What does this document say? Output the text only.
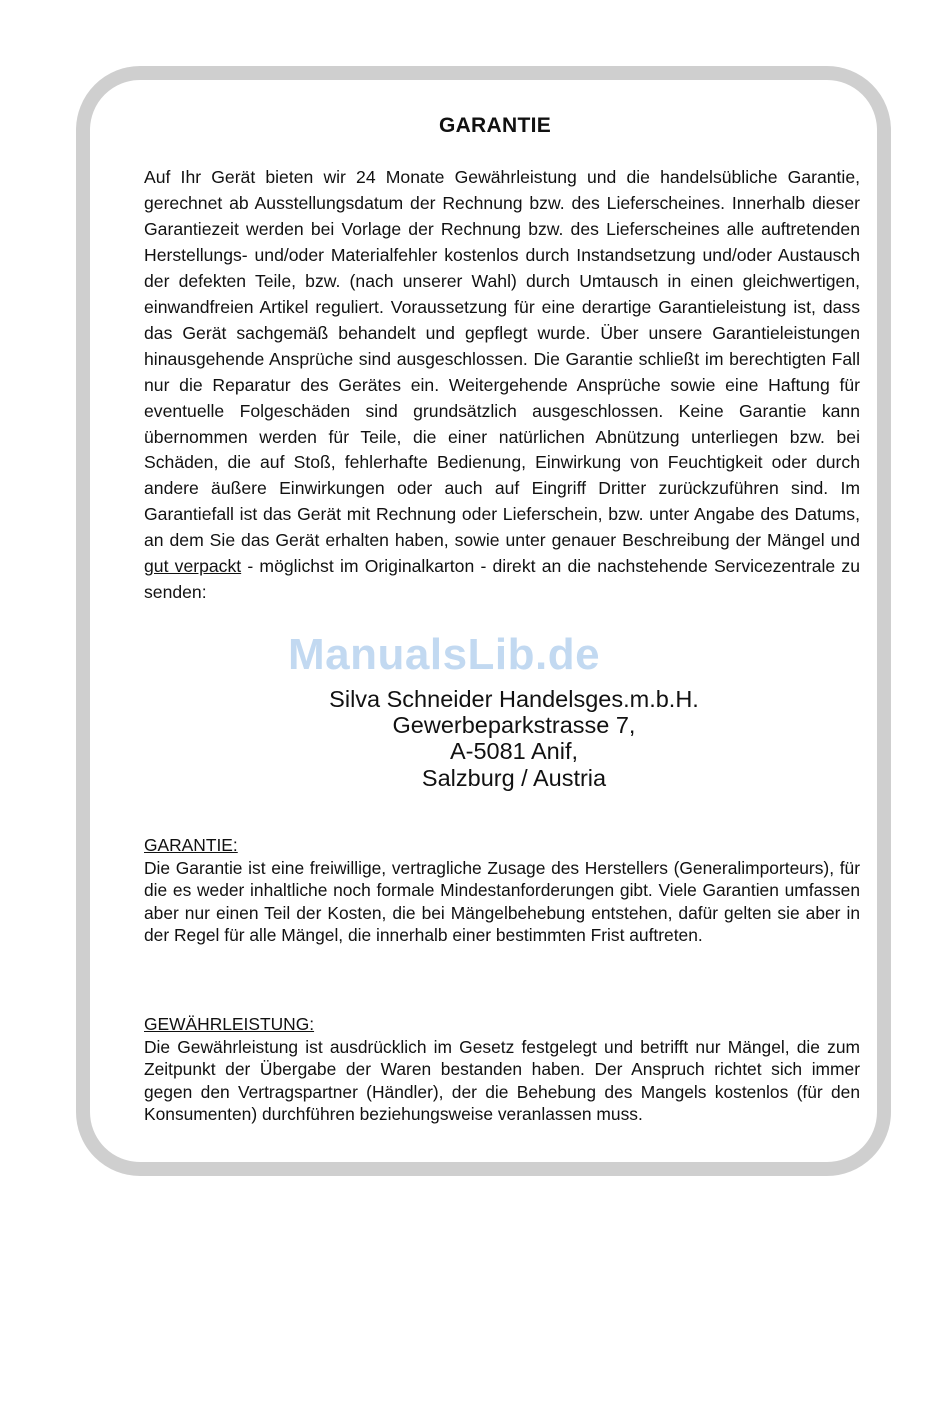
GARANTIE

Auf Ihr Gerät bieten wir 24 Monate Gewährleistung und die handelsübliche Garantie, gerechnet ab Ausstellungsdatum der Rechnung bzw. des Lieferscheines. Innerhalb dieser Garantiezeit werden bei Vorlage der Rechnung bzw. des Lieferscheines alle auftretenden Herstellungs- und/oder Materialfehler kostenlos durch Instandsetzung und/oder Austausch der defekten Teile, bzw. (nach unserer Wahl) durch Umtausch in einen gleichwertigen, einwandfreien Artikel reguliert. Voraussetzung für eine derartige Garantieleistung ist, dass das Gerät sachgemäß behandelt und gepflegt wurde. Über unsere Garantieleistungen hinausgehende Ansprüche sind ausgeschlossen. Die Garantie schließt im berechtigten Fall nur die Reparatur des Gerätes ein. Weitergehende Ansprüche sowie eine Haftung für eventuelle Folgeschäden sind grundsätzlich ausgeschlossen. Keine Garantie kann übernommen werden für Teile, die einer natürlichen Abnützung unterliegen bzw. bei Schäden, die auf Stoß, fehlerhafte Bedienung, Einwirkung von Feuchtigkeit oder durch andere äußere Einwirkungen oder auch auf Eingriff Dritter zurückzuführen sind. Im Garantiefall ist das Gerät mit Rechnung oder Lieferschein, bzw. unter Angabe des Datums, an dem Sie das Gerät erhalten haben, sowie unter genauer Beschreibung der Mängel und gut verpackt - möglichst im Originalkarton - direkt an die nachstehende Servicezentrale zu senden:

ManualsLib.de
Silva Schneider Handelsges.m.b.H.
Gewerbeparkstrasse 7,
A-5081 Anif,
Salzburg / Austria
GARANTIE:
Die Garantie ist eine freiwillige, vertragliche Zusage des Herstellers (Generalimporteurs), für die es weder inhaltliche noch formale Mindestanforderungen gibt. Viele Garantien umfassen aber nur einen Teil der Kosten, die bei Mängelbehebung entstehen, dafür gelten sie aber in der Regel für alle Mängel, die innerhalb einer bestimmten Frist auftreten.
GEWÄHRLEISTUNG:
Die Gewährleistung ist ausdrücklich im Gesetz festgelegt und betrifft nur Mängel, die zum Zeitpunkt der Übergabe der Waren bestanden haben. Der Anspruch richtet sich immer gegen den Vertragspartner (Händler), der die Behebung des Mangels kostenlos (für den Konsumenten) durchführen beziehungsweise veranlassen muss.
